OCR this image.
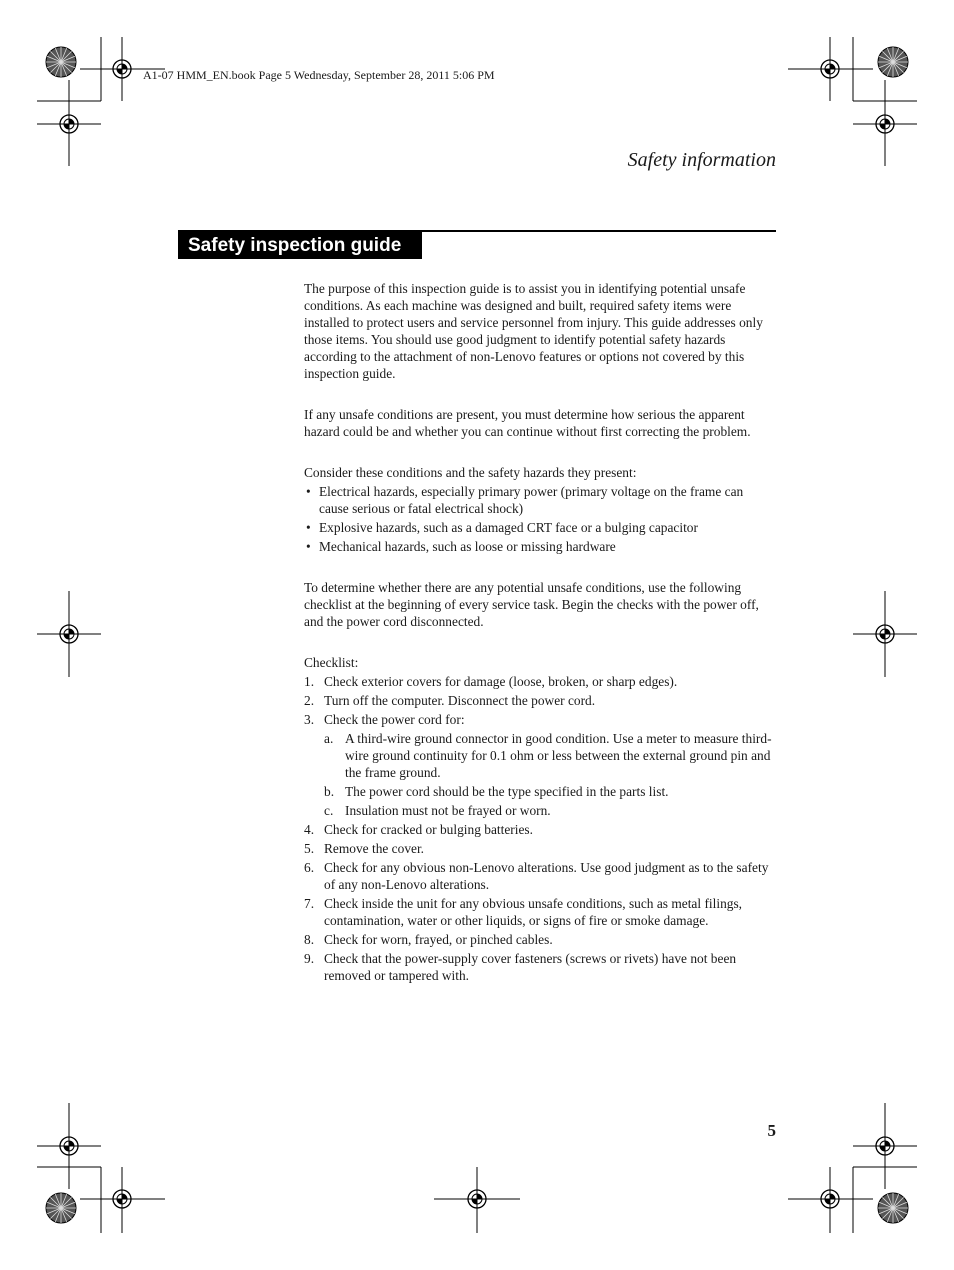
A1-07 HMM_EN.book Page 5 Wednesday, September 28, 2011 5:06 PM
Safety information
Safety inspection guide

The purpose of this inspection guide is to assist you in identifying potential unsafe conditions. As each machine was designed and built, required safety items were installed to protect users and service personnel from injury. This guide addresses only those items. You should use good judgment to identify potential safety hazards according to the attachment of non-Lenovo features or options not covered by this inspection guide.

If any unsafe conditions are present, you must determine how serious the apparent hazard could be and whether you can continue without first correcting the problem.

Consider these conditions and the safety hazards they present:

• Electrical hazards, especially primary power (primary voltage on the frame can cause serious or fatal electrical shock)
• Explosive hazards, such as a damaged CRT face or a bulging capacitor
• Mechanical hazards, such as loose or missing hardware

To determine whether there are any potential unsafe conditions, use the following checklist at the beginning of every service task. Begin the checks with the power off, and the power cord disconnected.

Checklist:

1. Check exterior covers for damage (loose, broken, or sharp edges).
2. Turn off the computer. Disconnect the power cord.
3. Check the power cord for:
a. A third-wire ground connector in good condition. Use a meter to measure third-wire ground continuity for 0.1 ohm or less between the external ground pin and the frame ground.
b. The power cord should be the type specified in the parts list.
c. Insulation must not be frayed or worn.
4. Check for cracked or bulging batteries.
5. Remove the cover.
6. Check for any obvious non-Lenovo alterations. Use good judgment as to the safety of any non-Lenovo alterations.
7. Check inside the unit for any obvious unsafe conditions, such as metal filings, contamination, water or other liquids, or signs of fire or smoke damage.
8. Check for worn, frayed, or pinched cables.
9. Check that the power-supply cover fasteners (screws or rivets) have not been removed or tampered with.
5
